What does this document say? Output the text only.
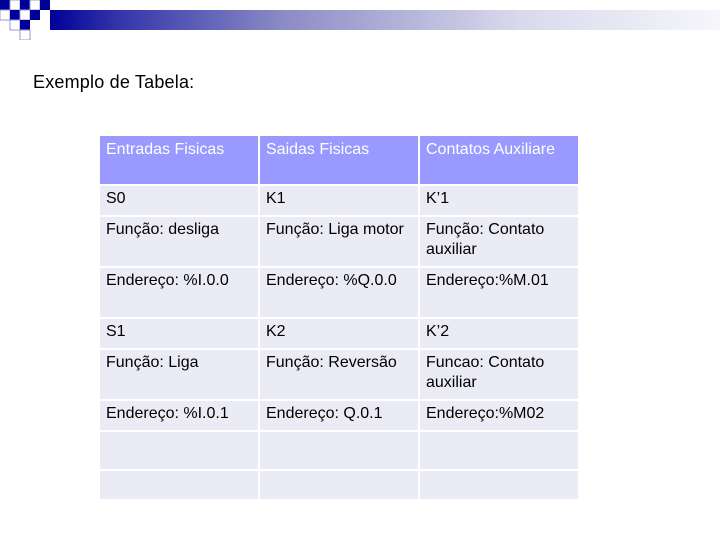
Exemplo de Tabela:
Entradas Fisicas	Saidas Fisicas	Contatos Auxiliare
S0	K1	K’1
Função: desliga	Função: Liga motor	Função: Contato auxiliar
Endereço: %I.0.0	Endereço: %Q.0.0	Endereço:%M.01
S1	K2	K’2
Função: Liga	Função: Reversão	Funcao: Contato auxiliar
Endereço: %I.0.1	Endereço: Q.0.1	Endereço:%M02
